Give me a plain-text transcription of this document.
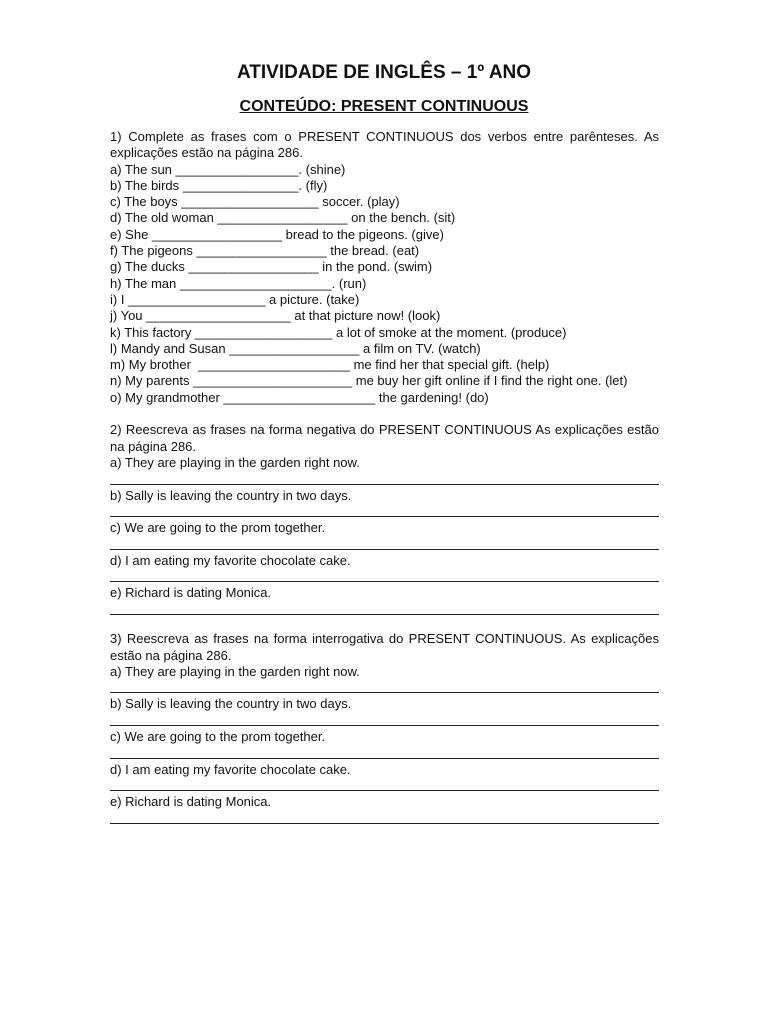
ATIVIDADE DE INGLÊS – 1º ANO
CONTEÚDO: PRESENT CONTINUOUS

1) Complete as frases com o PRESENT CONTINUOUS dos verbos entre parênteses. As explicações estão na página 286.

a) The sun _________________. (shine)
b) The birds ________________. (fly)
c) The boys ___________________ soccer. (play)
d) The old woman __________________ on the bench. (sit)
e) She __________________ bread to the pigeons. (give)
f) The pigeons __________________ the bread. (eat)
g) The ducks __________________ in the pond. (swim)
h) The man _____________________. (run)
i) I ___________________ a picture. (take)
j) You ____________________ at that picture now! (look)
k) This factory ___________________ a lot of smoke at the moment. (produce)
l) Mandy and Susan __________________ a film on TV. (watch)
m) My brother  _____________________ me find her that special gift. (help)
n) My parents ______________________ me buy her gift online if I find the right one. (let)
o) My grandmother _____________________ the gardening! (do)

2) Reescreva as frases na forma negativa do PRESENT CONTINUOUS As explicações estão na página 286.

a) They are playing in the garden right now.
b) Sally is leaving the country in two days.
c) We are going to the prom together.
d) I am eating my favorite chocolate cake.
e) Richard is dating Monica.

3) Reescreva as frases na forma interrogativa do PRESENT CONTINUOUS. As explicações estão na página 286.

a) They are playing in the garden right now.
b) Sally is leaving the country in two days.
c) We are going to the prom together.
d) I am eating my favorite chocolate cake.
e) Richard is dating Monica.
